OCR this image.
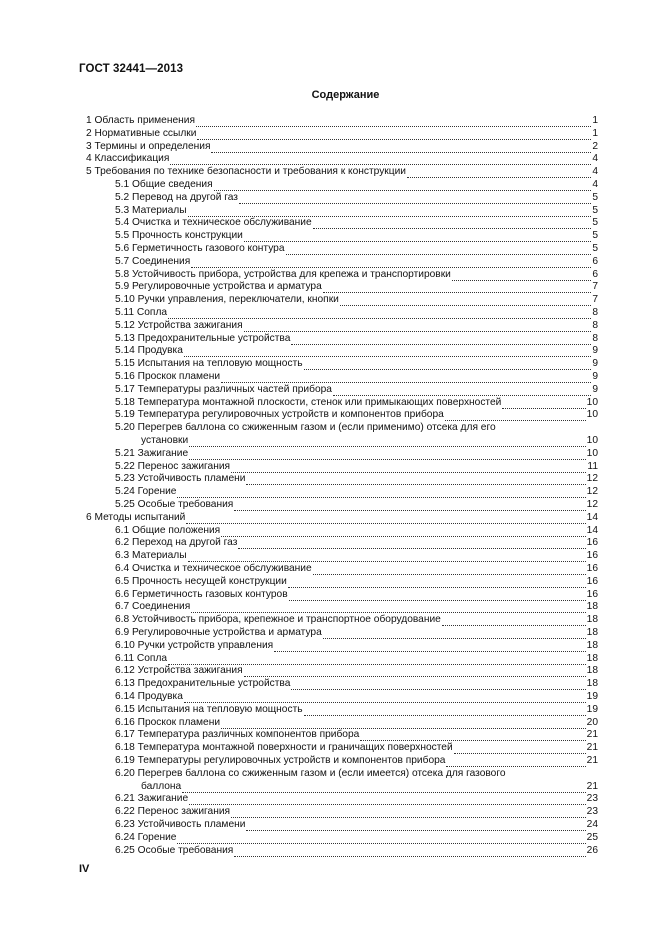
ГОСТ 32441—2013
Содержание
1 Область применения	1
2 Нормативные ссылки	1
3 Термины и определения	2
4 Классификация	4
5 Требования по технике безопасности и требования к конструкции	4
5.1 Общие сведения	4
5.2 Перевод на другой газ	5
5.3 Материалы	5
5.4 Очистка и техническое обслуживание	5
5.5 Прочность конструкции	5
5.6 Герметичность газового контура	5
5.7 Соединения	6
5.8 Устойчивость прибора, устройства для крепежа и транспортировки	6
5.9 Регулировочные устройства и арматура	7
5.10 Ручки управления, переключатели, кнопки	7
5.11 Сопла	8
5.12 Устройства зажигания	8
5.13 Предохранительные устройства	8
5.14 Продувка	9
5.15 Испытания на тепловую мощность	9
5.16 Проскок пламени	9
5.17 Температуры различных частей прибора	9
5.18 Температура монтажной плоскости, стенок или примыкающих поверхностей	10
5.19 Температура регулировочных устройств и компонентов прибора	10
5.20 Перегрев баллона со сжиженным газом и (если применимо) отсека для его
установки	10
5.21 Зажигание	10
5.22 Перенос зажигания	11
5.23 Устойчивость пламени	12
5.24 Горение	12
5.25 Особые требования	12
6 Методы испытаний	14
6.1 Общие положения	14
6.2 Переход на другой газ	16
6.3 Материалы	16
6.4 Очистка и техническое обслуживание	16
6.5 Прочность несущей конструкции	16
6.6 Герметичность газовых контуров	16
6.7 Соединения	18
6.8 Устойчивость прибора, крепежное и транспортное оборудование	18
6.9 Регулировочные устройства и арматура	18
6.10 Ручки устройств управления	18
6.11 Сопла	18
6.12 Устройства зажигания	18
6.13 Предохранительные устройства	18
6.14 Продувка	19
6.15 Испытания на тепловую мощность	19
6.16 Проскок пламени	20
6.17 Температура различных компонентов прибора	21
6.18 Температура монтажной поверхности и граничащих поверхностей	21
6.19 Температуры регулировочных устройств и компонентов прибора	21
6.20 Перегрев баллона со сжиженным газом и (если имеется) отсека для газового
баллона	21
6.21 Зажигание	23
6.22 Перенос зажигания	23
6.23 Устойчивость пламени	24
6.24 Горение	25
6.25 Особые требования	26
IV
